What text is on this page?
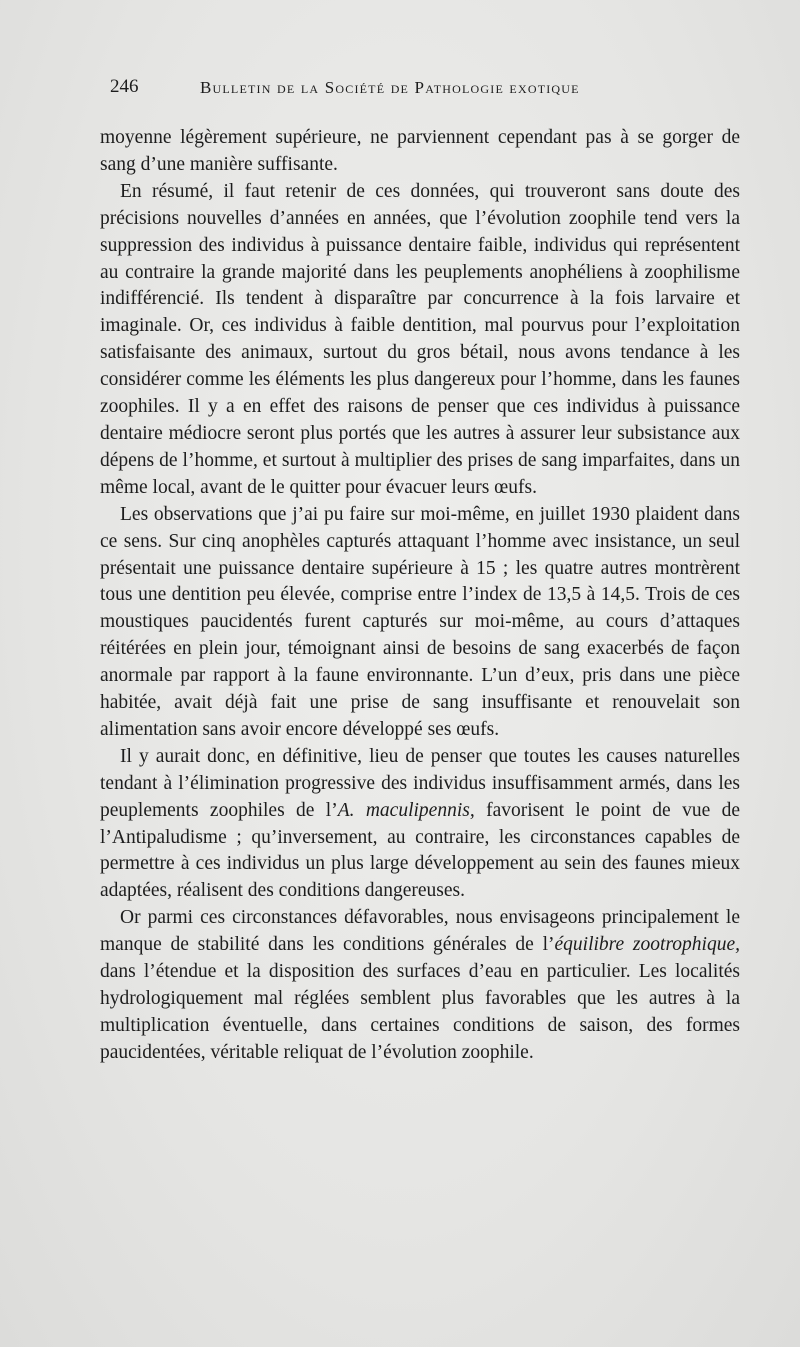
246	Bulletin de la Société de Pathologie exotique

moyenne légèrement supérieure, ne parviennent cependant pas à se gorger de sang d’une manière suffisante.

En résumé, il faut retenir de ces données, qui trouveront sans doute des précisions nouvelles d’années en années, que l’évolution zoophile tend vers la suppression des individus à puissance dentaire faible, individus qui représentent au contraire la grande majorité dans les peuplements anophéliens à zoophilisme indifférencié. Ils tendent à disparaître par concurrence à la fois larvaire et imaginale. Or, ces individus à faible dentition, mal pourvus pour l’exploitation satisfaisante des animaux, surtout du gros bétail, nous avons tendance à les considérer comme les éléments les plus dangereux pour l’homme, dans les faunes zoophiles. Il y a en effet des raisons de penser que ces individus à puissance dentaire médiocre seront plus portés que les autres à assurer leur subsistance aux dépens de l’homme, et surtout à multiplier des prises de sang imparfaites, dans un même local, avant de le quitter pour évacuer leurs œufs.

Les observations que j’ai pu faire sur moi-même, en juillet 1930 plaident dans ce sens. Sur cinq anophèles capturés attaquant l’homme avec insistance, un seul présentait une puissance dentaire supérieure à 15 ; les quatre autres montrèrent tous une dentition peu élevée, comprise entre l’index de 13,5 à 14,5. Trois de ces moustiques paucidentés furent capturés sur moi-même, au cours d’attaques réitérées en plein jour, témoignant ainsi de besoins de sang exacerbés de façon anormale par rapport à la faune environnante. L’un d’eux, pris dans une pièce habitée, avait déjà fait une prise de sang insuffisante et renouvelait son alimentation sans avoir encore développé ses œufs.

Il y aurait donc, en définitive, lieu de penser que toutes les causes naturelles tendant à l’élimination progressive des individus insuffisamment armés, dans les peuplements zoophiles de l’A. maculipennis, favorisent le point de vue de l’Antipaludisme ; qu’inversement, au contraire, les circonstances capables de permettre à ces individus un plus large développement au sein des faunes mieux adaptées, réalisent des conditions dangereuses.

Or parmi ces circonstances défavorables, nous envisageons principalement le manque de stabilité dans les conditions générales de l’équilibre zootrophique, dans l’étendue et la disposition des surfaces d’eau en particulier. Les localités hydrologiquement mal réglées semblent plus favorables que les autres à la multiplication éventuelle, dans certaines conditions de saison, des formes paucidentées, véritable reliquat de l’évolution zoophile.
